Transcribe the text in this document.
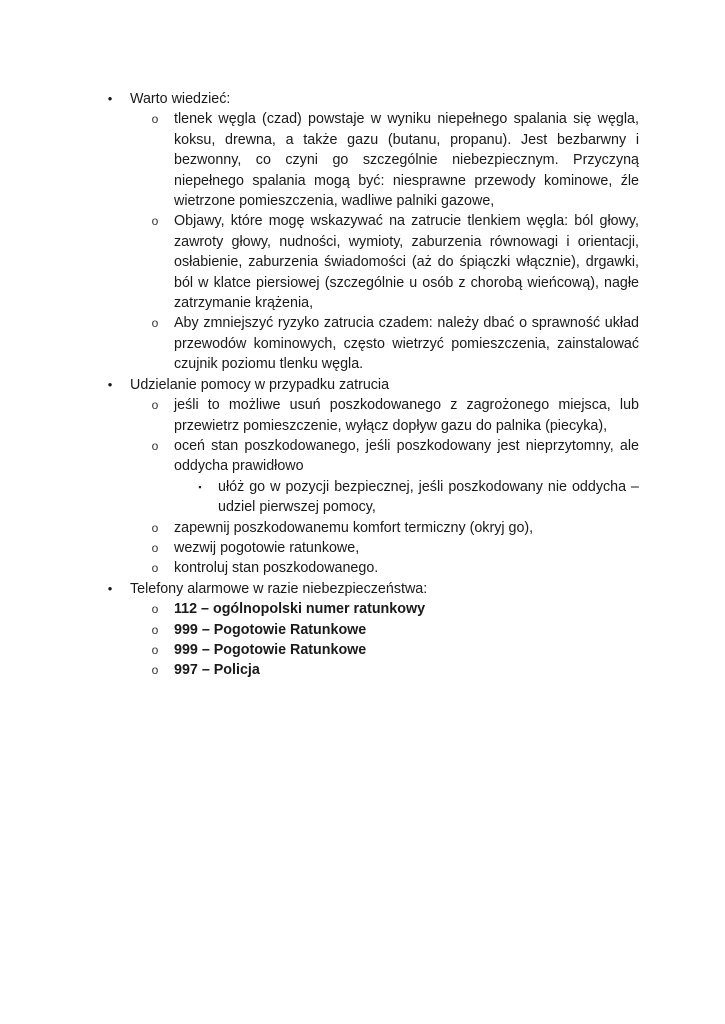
• Warto wiedzieć:
o tlenek węgla (czad) powstaje w wyniku niepełnego spalania się węgla, koksu, drewna, a także gazu (butanu, propanu). Jest bezbarwny i bezwonny, co czyni go szczególnie niebezpiecznym. Przyczyną niepełnego spalania mogą być: niesprawne przewody kominowe, źle wietrzone pomieszczenia, wadliwe palniki gazowe,
o Objawy, które mogę wskazywać na zatrucie tlenkiem węgla: ból głowy, zawroty głowy, nudności, wymioty, zaburzenia równowagi i orientacji, osłabienie, zaburzenia świadomości (aż do śpiączki włącznie), drgawki, ból w klatce piersiowej (szczególnie u osób z chorobą wieńcową), nagłe zatrzymanie krążenia,
o Aby zmniejszyć ryzyko zatrucia czadem: należy dbać o sprawność układ przewodów kominowych, często wietrzyć pomieszczenia, zainstalować czujnik poziomu tlenku węgla.
• Udzielanie pomocy w przypadku zatrucia
o jeśli to możliwe usuń poszkodowanego z zagrożonego miejsca, lub przewietrz pomieszczenie, wyłącz dopływ gazu do palnika (piecyka),
o oceń stan poszkodowanego, jeśli poszkodowany jest nieprzytomny, ale oddycha prawidłowo
▪	ułóż go w pozycji bezpiecznej, jeśli poszkodowany nie oddycha – udziel pierwszej pomocy,
o zapewnij poszkodowanemu komfort termiczny (okryj go),
o wezwij pogotowie ratunkowe,
o kontroluj stan poszkodowanego.
• Telefony alarmowe w razie niebezpieczeństwa:
o 112 – ogólnopolski numer ratunkowy
o 999 – Pogotowie Ratunkowe
o 999 – Pogotowie Ratunkowe
o 997 – Policja
